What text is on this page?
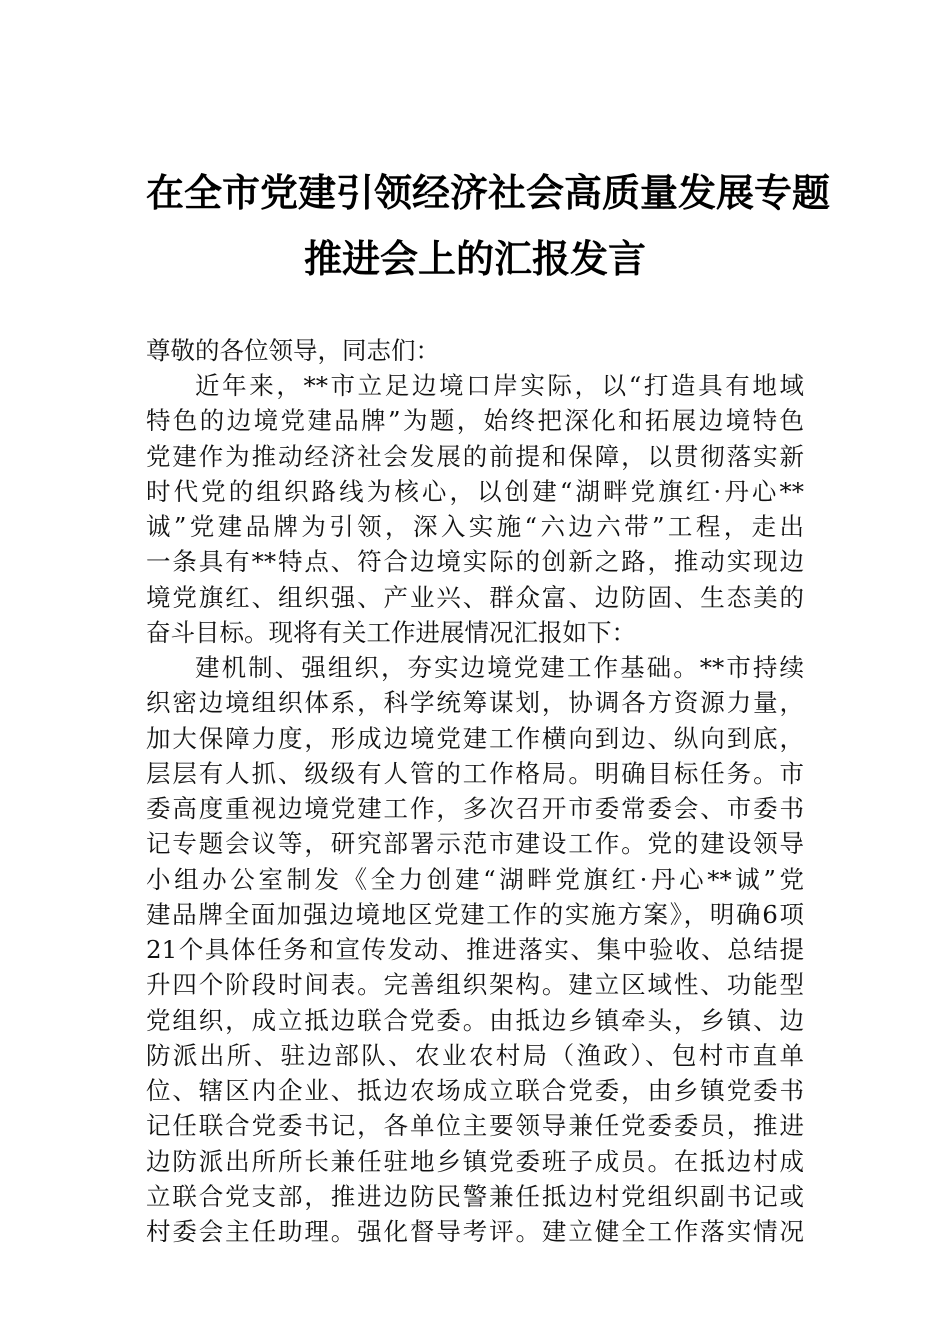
在全市党建引领经济社会高质量发展专题
推进会上的汇报发言
尊敬的各位领导，同志们：
近年来，**市立足边境口岸实际，以“打造具有地域
特色的边境党建品牌”为题，始终把深化和拓展边境特色
党建作为推动经济社会发展的前提和保障，以贯彻落实新
时代党的组织路线为核心，以创建“湖畔党旗红·丹心**
诚”党建品牌为引领，深入实施“六边六带”工程，走出
一条具有**特点、符合边境实际的创新之路，推动实现边
境党旗红、组织强、产业兴、群众富、边防固、生态美的
奋斗目标。现将有关工作进展情况汇报如下：
建机制、强组织，夯实边境党建工作基础。**市持续
织密边境组织体系，科学统筹谋划，协调各方资源力量，
加大保障力度，形成边境党建工作横向到边、纵向到底，
层层有人抓、级级有人管的工作格局。明确目标任务。市
委高度重视边境党建工作，多次召开市委常委会、市委书
记专题会议等，研究部署示范市建设工作。党的建设领导
小组办公室制发《全力创建“湖畔党旗红·丹心**诚”党
建品牌全面加强边境地区党建工作的实施方案》，明确6项
21个具体任务和宣传发动、推进落实、集中验收、总结提
升四个阶段时间表。完善组织架构。建立区域性、功能型
党组织，成立抵边联合党委。由抵边乡镇牵头，乡镇、边
防派出所、驻边部队、农业农村局（渔政）、包村市直单
位、辖区内企业、抵边农场成立联合党委，由乡镇党委书
记任联合党委书记，各单位主要领导兼任党委委员，推进
边防派出所所长兼任驻地乡镇党委班子成员。在抵边村成
立联合党支部，推进边防民警兼任抵边村党组织副书记或
村委会主任助理。强化督导考评。建立健全工作落实情况
